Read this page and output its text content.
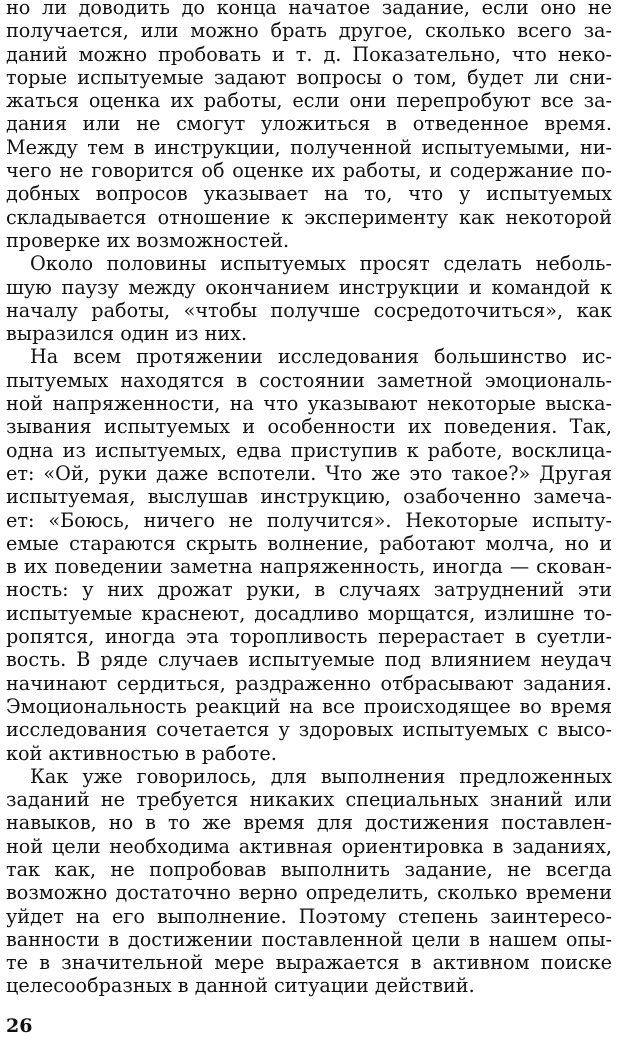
но ли доводить до конца начатое задание, если оно не
получается, или можно брать другое, сколько всего за-
даний можно пробовать и т. д. Показательно, что неко-
торые испытуемые задают вопросы о том, будет ли сни-
жаться оценка их работы, если они перепробуют все за-
дания или не смогут уложиться в отведенное время.
Между тем в инструкции, полученной испытуемыми, ни-
чего не говорится об оценке их работы, и содержание по-
добных вопросов указывает на то, что у испытуемых
складывается отношение к эксперименту как некоторой
проверке их возможностей.
Около половины испытуемых просят сделать неболь-
шую паузу между окончанием инструкции и командой к
началу работы, «чтобы получше сосредоточиться», как
выразился один из них.
На всем протяжении исследования большинство ис-
пытуемых находятся в состоянии заметной эмоциональ-
ной напряженности, на что указывают некоторые выска-
зывания испытуемых и особенности их поведения. Так,
одна из испытуемых, едва приступив к работе, восклица-
ет: «Ой, руки даже вспотели. Что же это такое?» Другая
испытуемая, выслушав инструкцию, озабоченно замеча-
ет: «Боюсь, ничего не получится». Некоторые испыту-
емые стараются скрыть волнение, работают молча, но и
в их поведении заметна напряженность, иногда — скован-
ность: у них дрожат руки, в случаях затруднений эти
испытуемые краснеют, досадливо морщатся, излишне то-
ропятся, иногда эта торопливость перерастает в суетли-
вость. В ряде случаев испытуемые под влиянием неудач
начинают сердиться, раздраженно отбрасывают задания.
Эмоциональность реакций на все происходящее во время
исследования сочетается у здоровых испытуемых с высо-
кой активностью в работе.
Как уже говорилось, для выполнения предложенных
заданий не требуется никаких специальных знаний или
навыков, но в то же время для достижения поставлен-
ной цели необходима активная ориентировка в заданиях,
так как, не попробовав выполнить задание, не всегда
возможно достаточно верно определить, сколько времени
уйдет на его выполнение. Поэтому степень заинтересо-
ванности в достижении поставленной цели в нашем опы-
те в значительной мере выражается в активном поиске
целесообразных в данной ситуации действий.
26
